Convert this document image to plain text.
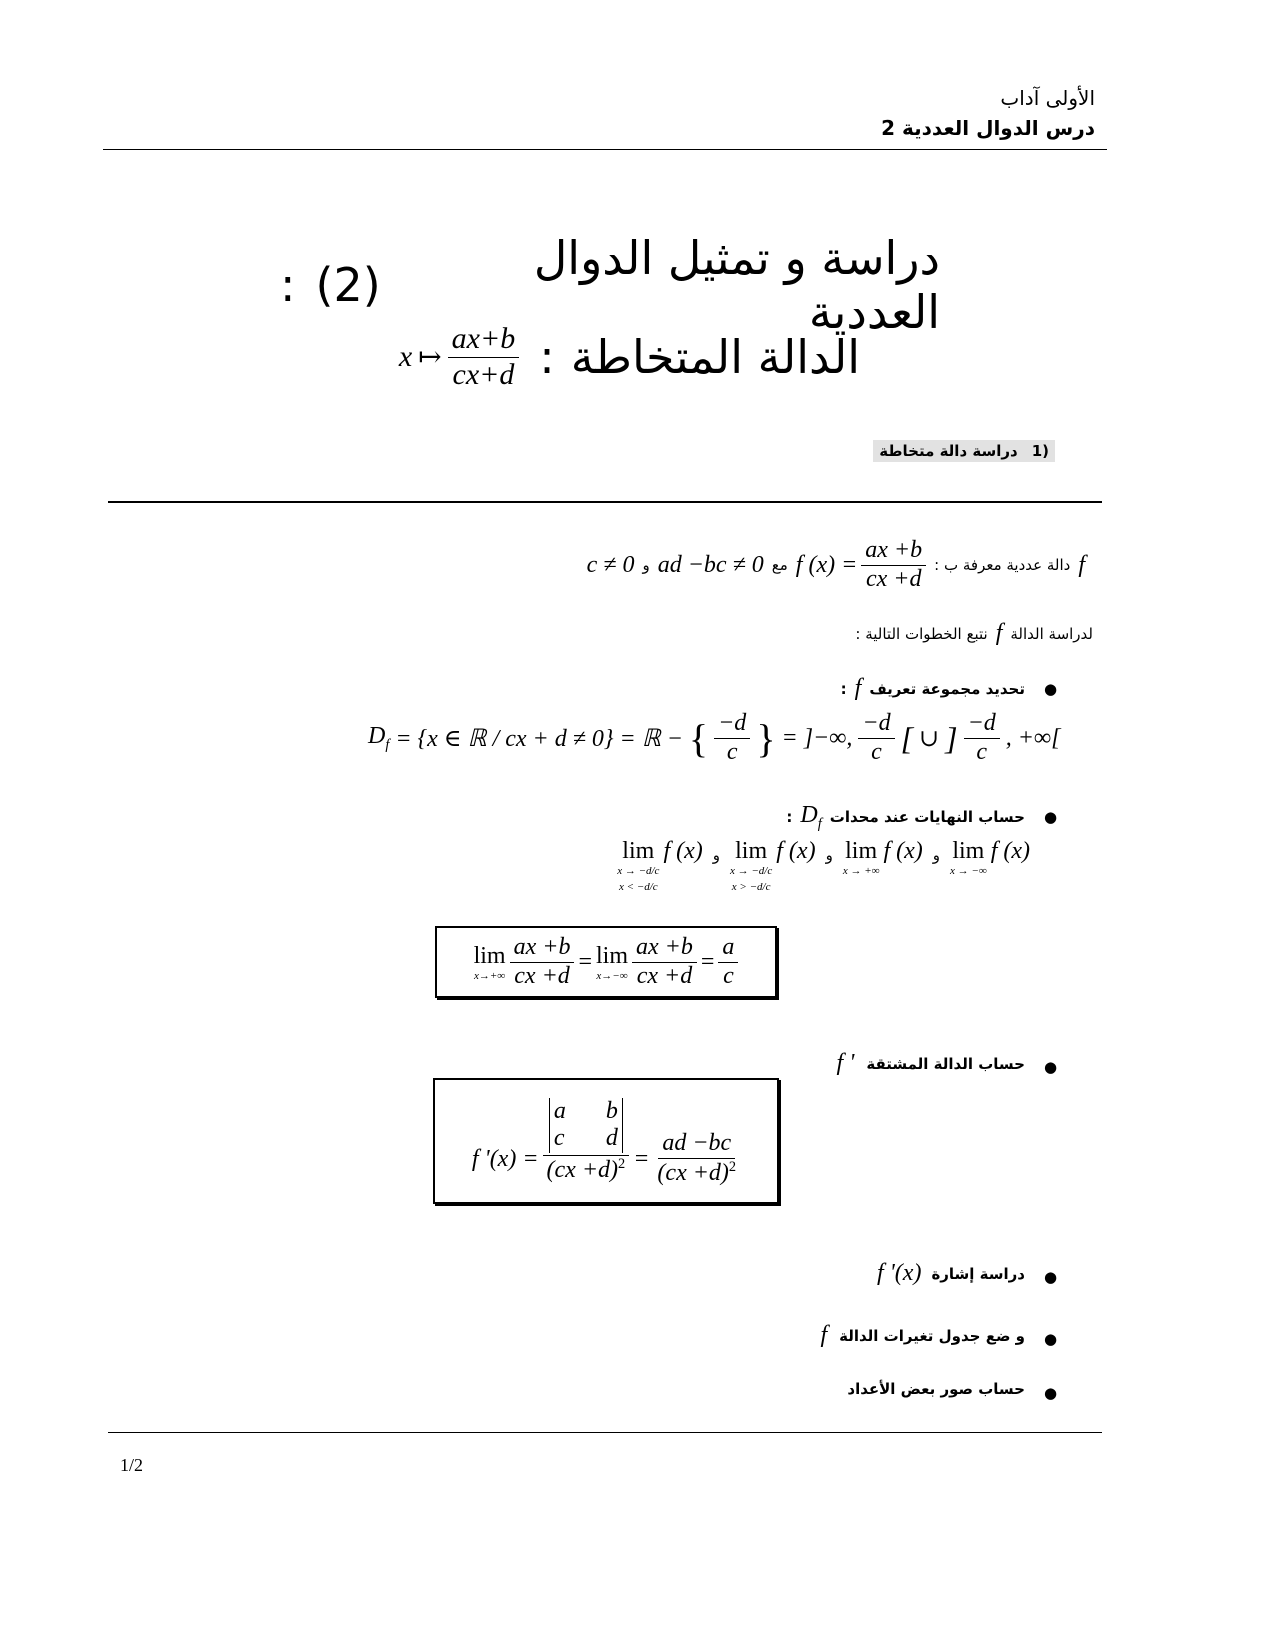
الأولى آداب
درس الدوال العددية 2
: (2)	دراسة و تمثيل الدوال العددية
x ↦ $\frac{ax+b}{cx+d}$ : الدالة المتخاطة
1)
دراسة دالة متخاطة
f
دالة عددية معرفة ب :
f $(x) = \frac{ax +b}{cx +d}$
مع
ad −bc ≠ 0
و
c ≠ 0
لدراسة الدالة
f
نتبع الخطوات التالية :
●
تحديد مجموعة تعريف
f
:
$D_f = \{x$ ∈ ℝ / cx + d ≠ 0} = ℝ − { $\frac{-d}{c}$ } = ]−∞, $\frac{-d}{c}$ [ ∪ ] $\frac{-d}{c}$ , +∞[
●
حساب النهايات عند محدات
$D_f$
:
lim
x → −∞
f (x)
و
lim
x → +∞
f (x)
و
lim
x → −d/c
x > −d/c
f (x)
و
lim
x → −d/c
x < −d/c
f (x)
lim
$x\to+\infty \frac{ax +b}{cx +d} = \lim$
$x\to-\infty \frac{ax +b}{cx +d} = \frac{a}{c}$
●
حساب الدالة المشتقة
f '
f '(x) = a	b
c	d
$(cx +d)^2 = \frac{ad -bc}{(cx +d)^2}$
●
دراسة إشارة
f '(x)
●
و ضع جدول تغيرات الدالة
f
●
حساب صور بعض الأعداد
1/2
